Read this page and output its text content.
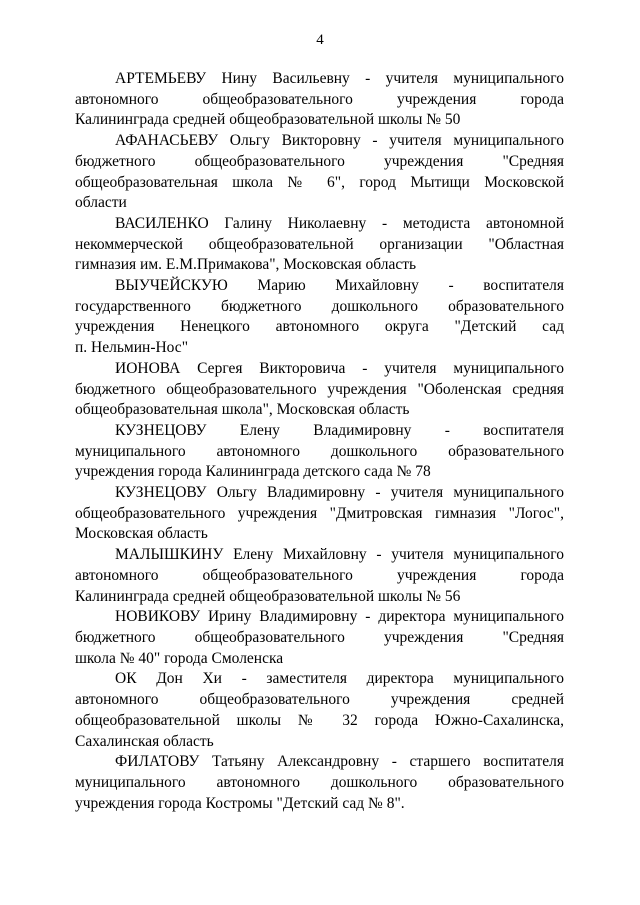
4
АРТЕМЬЕВУ Нину Васильевну - учителя муниципального
автономного общеобразовательного учреждения города
Калининграда средней общеобразовательной школы № 50
АФАНАСЬЕВУ Ольгу Викторовну - учителя муниципального
бюджетного общеобразовательного учреждения "Средняя
общеобразовательная школа № 6", город Мытищи Московской
области
ВАСИЛЕНКО Галину Николаевну - методиста автономной
некоммерческой общеобразовательной организации "Областная
гимназия им. Е.М.Примакова", Московская область
ВЫУЧЕЙСКУЮ Марию Михайловну - воспитателя
государственного бюджетного дошкольного образовательного
учреждения Ненецкого автономного округа "Детский сад
п. Нельмин-Нос"
ИОНОВА Сергея Викторовича - учителя муниципального
бюджетного общеобразовательного учреждения "Оболенская средняя
общеобразовательная школа", Московская область
КУЗНЕЦОВУ Елену Владимировну - воспитателя
муниципального автономного дошкольного образовательного
учреждения города Калининграда детского сада № 78
КУЗНЕЦОВУ Ольгу Владимировну - учителя муниципального
общеобразовательного учреждения "Дмитровская гимназия "Логос",
Московская область
МАЛЫШКИНУ Елену Михайловну - учителя муниципального
автономного общеобразовательного учреждения города
Калининграда средней общеобразовательной школы № 56
НОВИКОВУ Ирину Владимировну - директора муниципального
бюджетного общеобразовательного учреждения "Средняя
школа № 40" города Смоленска
ОК Дон Хи - заместителя директора муниципального
автономного общеобразовательного учреждения средней
общеобразовательной школы № 32 города Южно-Сахалинска,
Сахалинская область
ФИЛАТОВУ Татьяну Александровну - старшего воспитателя
муниципального автономного дошкольного образовательного
учреждения города Костромы "Детский сад № 8".
